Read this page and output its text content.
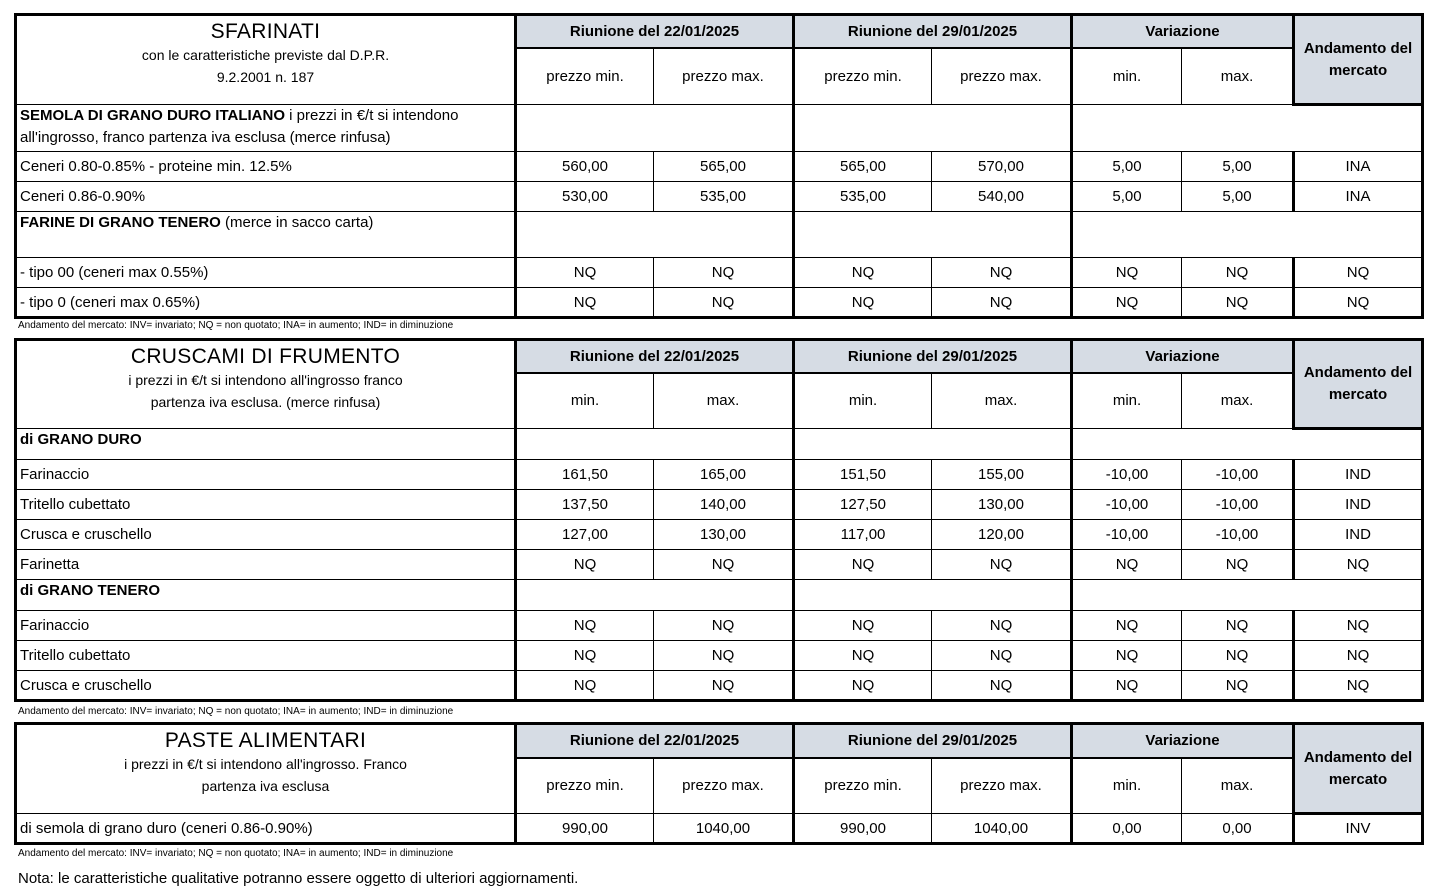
SFARINATI
con le caratteristiche previste dal D.P.R.
9.2.2001 n. 187	Riunione del 22/01/2025		Riunione del 29/01/2025		Variazione		Andamento del mercato
	prezzo min.	prezzo max.	prezzo min.	prezzo max.	min.	max.	
SEMOLA DI GRANO DURO ITALIANO i prezzi in €/t si intendono all'ingrosso, franco partenza iva esclusa (merce rinfusa)							
Ceneri 0.80-0.85% - proteine min. 12.5%	560,00	565,00	565,00	570,00	5,00	5,00	INA
Ceneri 0.86-0.90%	530,00	535,00	535,00	540,00	5,00	5,00	INA
FARINE DI GRANO TENERO (merce in sacco carta)							
- tipo 00 (ceneri max 0.55%)	NQ	NQ	NQ	NQ	NQ	NQ	NQ
- tipo 0 (ceneri max 0.65%)	NQ	NQ	NQ	NQ	NQ	NQ	NQ
Andamento del mercato: INV= invariato; NQ = non quotato; INA= in aumento; IND= in diminuzione
CRUSCAMI DI FRUMENTO
i prezzi in €/t si intendono all'ingrosso franco
partenza iva esclusa. (merce rinfusa)	Riunione del 22/01/2025		Riunione del 29/01/2025		Variazione		Andamento del mercato
	min.	max.	min.	max.	min.	max.	
di GRANO DURO							
Farinaccio	161,50	165,00	151,50	155,00	-10,00	-10,00	IND
Tritello cubettato	137,50	140,00	127,50	130,00	-10,00	-10,00	IND
Crusca e cruschello	127,00	130,00	117,00	120,00	-10,00	-10,00	IND
Farinetta	NQ	NQ	NQ	NQ	NQ	NQ	NQ
di GRANO TENERO							
Farinaccio	NQ	NQ	NQ	NQ	NQ	NQ	NQ
Tritello cubettato	NQ	NQ	NQ	NQ	NQ	NQ	NQ
Crusca e cruschello	NQ	NQ	NQ	NQ	NQ	NQ	NQ
Andamento del mercato: INV= invariato; NQ = non quotato; INA= in aumento; IND= in diminuzione
PASTE ALIMENTARI
i prezzi in €/t si intendono all'ingrosso. Franco
partenza iva esclusa	Riunione del 22/01/2025		Riunione del 29/01/2025		Variazione		Andamento del mercato
	prezzo min.	prezzo max.	prezzo min.	prezzo max.	min.	max.	
di semola di grano duro (ceneri 0.86-0.90%)	990,00	1040,00	990,00	1040,00	0,00	0,00	INV
Andamento del mercato: INV= invariato; NQ = non quotato; INA= in aumento; IND= in diminuzione
Nota: le caratteristiche qualitative potranno essere oggetto di ulteriori aggiornamenti.
